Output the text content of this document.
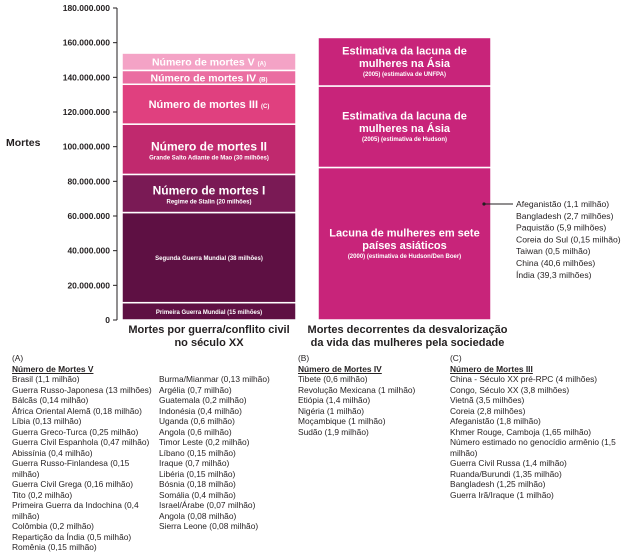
Mortes
0
20.000.000
40.000.000
60.000.000
80.000.000
100.000.000
120.000.000
140.000.000
160.000.000
180.000.000
Primeira Guerra Mundial (15 milhões)
Segunda Guerra Mundial (38 milhões)
Número de mortes I
Regime de Stalin (20 milhões)
Número de mortes II
Grande Salto Adiante de Mao (30 milhões)
Número de mortes III (C)
Número de mortes IV (B)
Número de mortes V (A)
Lacuna de mulheres em sete países asiáticos
(2000) (estimativa de Hudson/Den Boer)
Estimativa da lacuna de mulheres na Ásia
(2005) (estimativa de Hudson)
Estimativa da lacuna de mulheres na Ásia
(2005) (estimativa de UNFPA)
Mortes por guerra/conflito civil no século XX
Mortes decorrentes da desvalorização da vida das mulheres pela sociedade
Afeganistão (1,1 milhão)
Bangladesh (2,7 milhões)
Paquistão (5,9 milhões)
Coreia do Sul (0,15 milhão)
Taiwan (0,5 milhão)
China (40,6 milhões)
Índia (39,3 milhões)
(A)
Número de Mortes V
Brasil (1,1 milhão)
Guerra Russo-Japonesa (13 milhões)
Bálcãs (0,14 milhão)
África Oriental Alemã (0,18 milhão)
Líbia (0,13 milhão)
Guerra Greco-Turca (0,25 milhão)
Guerra Civil Espanhola (0,47 milhão)
Abissínia (0,4 milhão)
Guerra Russo-Finlandesa (0,15 milhão)
Guerra Civil Grega (0,16 milhão)
Tito (0,2 milhão)
Primeira Guerra da Indochina (0,4 milhão)
Colômbia (0,2 milhão)
Repartição da Índia (0,5 milhão)
Romênia (0,15 milhão)
Burma/Mianmar (0,13 milhão)
Argélia (0,7 milhão)
Guatemala (0,2 milhão)
Indonésia (0,4 milhão)
Uganda (0,6 milhão)
Angola (0,6 milhão)
Timor Leste (0,2 milhão)
Líbano (0,15 milhão)
Iraque (0,7 milhão)
Libéria (0,15 milhão)
Bósnia (0,18 milhão)
Somália (0,4 milhão)
Israel/Árabe (0,07 milhão)
Angola (0,08 milhão)
Sierra Leone (0,08 milhão)
(B)
Número de Mortes IV
Tibete (0,6 milhão)
Revolução Mexicana (1 milhão)
Etiópia (1,4 milhão)
Nigéria (1 milhão)
Moçambique (1 milhão)
Sudão (1,9 milhão)
(C)
Número de Mortes III
China - Século XX pré-RPC (4 milhões)
Congo, Século XX (3,8 milhões)
Vietnã (3,5 milhões)
Coreia (2,8 milhões)
Afeganistão (1,8 milhão)
Khmer Rouge, Camboja (1,65 milhão)
Número estimado no genocídio armênio (1,5 milhão)
Guerra Civil Russa (1,4 milhão)
Ruanda/Burundi (1,35 milhão)
Bangladesh (1,25 milhão)
Guerra Irã/Iraque (1 milhão)
